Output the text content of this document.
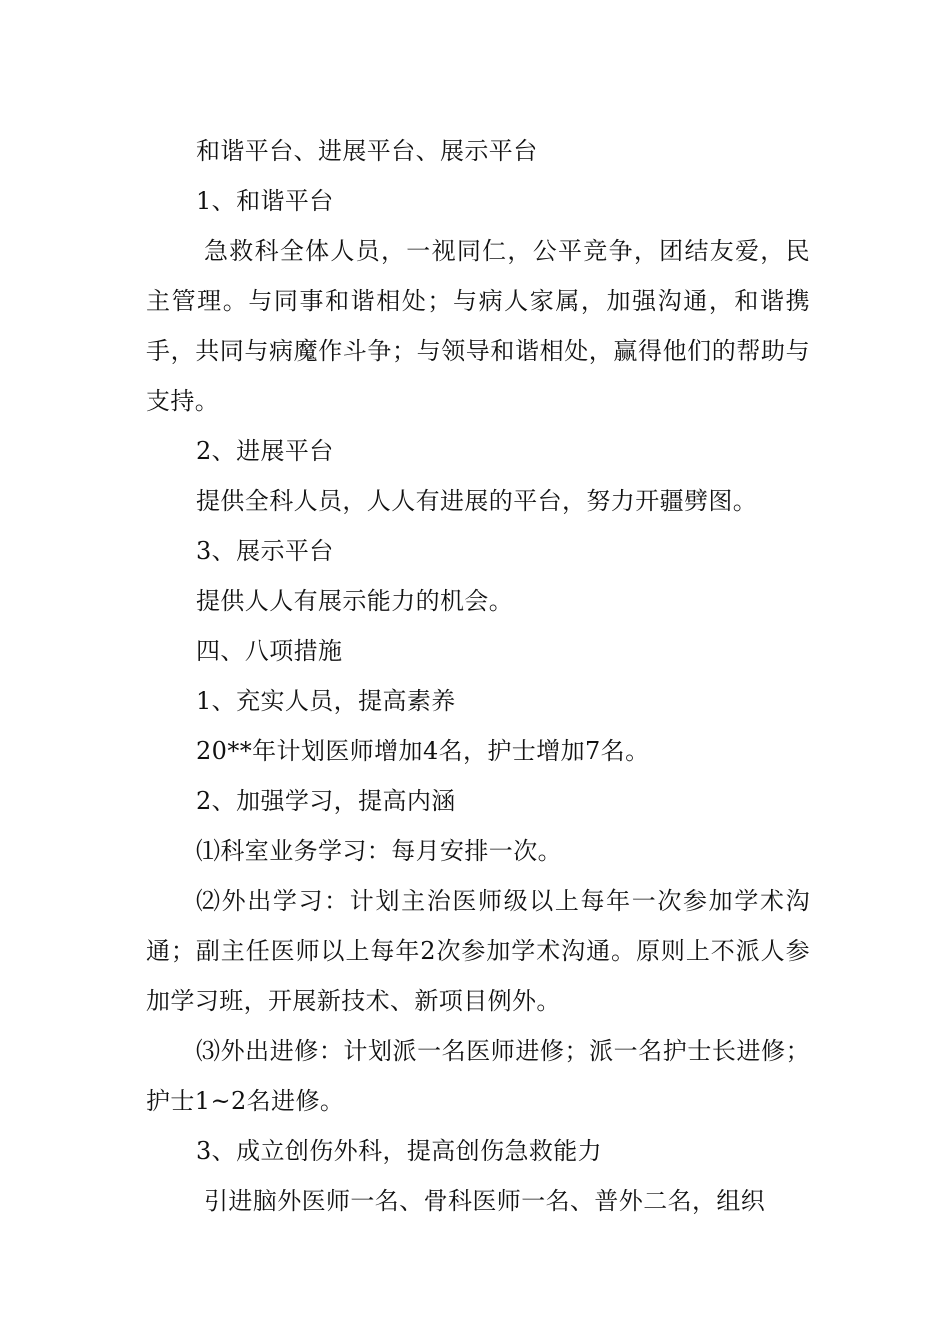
和谐平台、进展平台、展示平台

1、和谐平台

急救科全体人员，一视同仁，公平竞争，团结友爱，民主管理。与同事和谐相处；与病人家属，加强沟通，和谐携手，共同与病魔作斗争；与领导和谐相处，赢得他们的帮助与支持。

2、进展平台

提供全科人员，人人有进展的平台，努力开疆劈图。

3、展示平台

提供人人有展示能力的机会。

四、八项措施

1、充实人员，提高素养

20**年计划医师增加4名，护士增加7名。

2、加强学习，提高内涵

⑴科室业务学习：每月安排一次。

⑵外出学习：计划主治医师级以上每年一次参加学术沟通；副主任医师以上每年2次参加学术沟通。原则上不派人参加学习班，开展新技术、新项目例外。

⑶外出进修：计划派一名医师进修；派一名护士长进修；护士1~2名进修。

3、成立创伤外科，提高创伤急救能力

引进脑外医师一名、骨科医师一名、普外二名，组织
